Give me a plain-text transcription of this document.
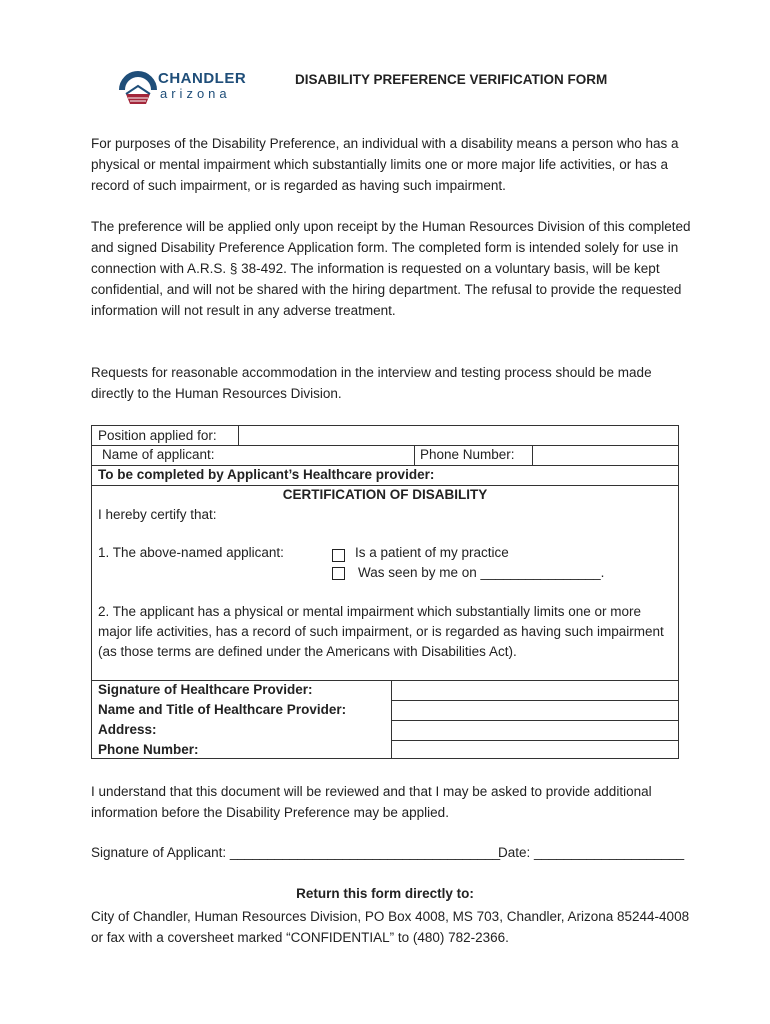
CHANDLER
arizona
DISABILITY PREFERENCE VERIFICATION FORM
For purposes of the Disability Preference, an individual with a disability means a person who has a physical or mental impairment which substantially limits one or more major life activities, or has a record of such impairment, or is regarded as having such impairment.
The preference will be applied only upon receipt by the Human Resources Division of this completed and signed Disability Preference Application form. The completed form is intended solely for use in connection with A.R.S. § 38-492. The information is requested on a voluntary basis, will be kept confidential, and will not be shared with the hiring department. The refusal to provide the requested information will not result in any adverse treatment.
Requests for reasonable accommodation in the interview and testing process should be made directly to the Human Resources Division.
Position applied for:
Name of applicant:	Phone Number:
To be completed by Applicant’s Healthcare provider:
CERTIFICATION OF DISABILITY
I hereby certify that:
1. The above-named applicant:	Is a patient of my practice
Was seen by me on ________________.
2. The applicant has a physical or mental impairment which substantially limits one or more major life activities, has a record of such impairment, or is regarded as having such impairment (as those terms are defined under the Americans with Disabilities Act).
Signature of Healthcare Provider:
Name and Title of Healthcare Provider:
Address:
Phone Number:
I understand that this document will be reviewed and that I may be asked to provide additional information before the Disability Preference may be applied.
Signature of Applicant: ____________________________________
Date: ____________________
Return this form directly to:
City of Chandler, Human Resources Division, PO Box 4008, MS 703, Chandler, Arizona 85244-4008 or fax with a coversheet marked “CONFIDENTIAL” to (480) 782-2366.
